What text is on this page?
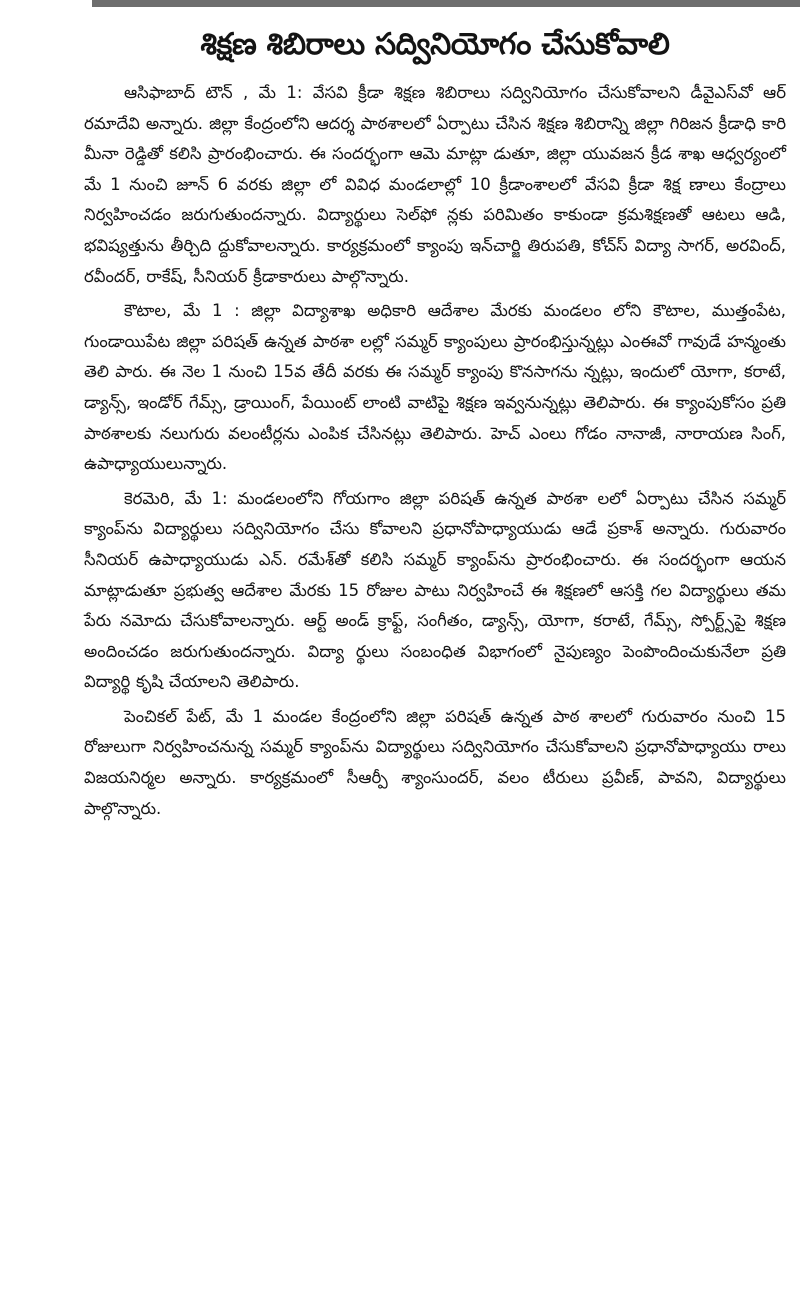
శిక్షణ శిబిరాలు సద్వినియోగం చేసుకోవాలి

ఆసిఫాబాద్ టౌన్ , మే 1: వేసవి క్రీడా శిక్షణ శిబిరాలు సద్వినియోగం చేసుకోవాలని డీవైఎస్‌వో ఆర్ రమాదేవి అన్నారు. జిల్లా కేంద్రంలోని ఆదర్శ పాఠశాలలో ఏర్పాటు చేసిన శిక్షణ శిబిరాన్ని జిల్లా గిరిజన క్రీడాధి కారి మీనా రెడ్డితో కలిసి ప్రారంభించారు. ఈ సందర్భంగా ఆమె మాట్లా డుతూ, జిల్లా యువజన క్రీడ శాఖ ఆధ్వర్యంలో మే 1 నుంచి జూన్ 6 వరకు జిల్లా లో వివిధ మండలాల్లో 10 క్రీడాంశాలలో వేసవి క్రీడా శిక్ష ణాలు కేంద్రాలు నిర్వహించడం జరుగుతుందన్నారు. విద్యార్థులు సెల్‌ఫో న్లకు పరిమితం కాకుండా క్రమశిక్షణతో ఆటలు ఆడి, భవిష్యత్తును తీర్చిది ద్దుకోవాలన్నారు. కార్యక్రమంలో క్యాంపు ఇన్‌చార్జి తిరుపతి, కోచ్‌స్ విద్యా సాగర్, అరవింద్, రవీందర్, రాకేష్, సీనియర్ క్రీడాకారులు పాల్గొన్నారు.

కౌటాల, మే 1 : జిల్లా విద్యాశాఖ అధికారి ఆదేశాల మేరకు మండలం లోని కౌటాల, ముత్తంపేట, గుండాయిపేట జిల్లా పరిషత్ ఉన్నత పాఠశా లల్లో సమ్మర్ క్యాంపులు ప్రారంభిస్తున్నట్లు ఎంఈవో గావుడే హన్మంతు తెలి పారు. ఈ నెల 1 నుంచి 15వ తేదీ వరకు ఈ సమ్మర్ క్యాంపు కొనసాగను న్నట్లు, ఇందులో యోగా, కరాటే, డ్యాన్స్, ఇండోర్ గేమ్స్, డ్రాయింగ్, పేయింట్ లాంటి వాటిపై శిక్షణ ఇవ్వనున్నట్లు తెలిపారు. ఈ క్యాంపుకోసం ప్రతి పాఠశాలకు నలుగురు వలంటీర్లను ఎంపిక చేసినట్లు తెలిపారు. హెచ్ ఎంలు గోడం నానాజీ, నారాయణ సింగ్, ఉపాధ్యాయులున్నారు.

కెరమెరి, మే 1: మండలంలోని గోయగాం జిల్లా పరిషత్ ఉన్నత పాఠశా లలో ఏర్పాటు చేసిన సమ్మర్ క్యాంప్‌ను విద్యార్థులు సద్వినియోగం చేసు కోవాలని ప్రధానోపాధ్యాయుడు ఆడే ప్రకాశ్ అన్నారు. గురువారం సీనియర్ ఉపాధ్యాయుడు ఎన్. రమేశ్‌తో కలిసి సమ్మర్ క్యాంప్‌ను ప్రారంభించారు. ఈ సందర్భంగా ఆయన మాట్లాడుతూ ప్రభుత్వ ఆదేశాల మేరకు 15 రోజుల పాటు నిర్వహించే ఈ శిక్షణలో ఆసక్తి గల విద్యార్థులు తమ పేరు నమోదు చేసుకోవాలన్నారు. ఆర్ట్ అండ్ క్రాఫ్ట్, సంగీతం, డ్యాన్స్, యోగా, కరాటే, గేమ్స్, స్పోర్ట్స్‌పై శిక్షణ అందించడం జరుగుతుందన్నారు. విద్యా ర్థులు సంబంధిత విభాగంలో నైపుణ్యం పెంపొందించుకునేలా ప్రతి విద్యార్థి కృషి చేయాలని తెలిపారు.

పెంచికల్ పేట్, మే 1 మండల కేంద్రంలోని జిల్లా పరిషత్ ఉన్నత పాఠ శాలలో గురువారం నుంచి 15 రోజులుగా నిర్వహించనున్న సమ్మర్ క్యాంప్‌ను విద్యార్థులు సద్వినియోగం చేసుకోవాలని ప్రధానోపాధ్యాయు రాలు విజయనిర్మల అన్నారు. కార్యక్రమంలో సీఆర్పీ శ్యాంసుందర్, వలం టీరులు ప్రవీణ్, పావని, విద్యార్థులు పాల్గొన్నారు.
